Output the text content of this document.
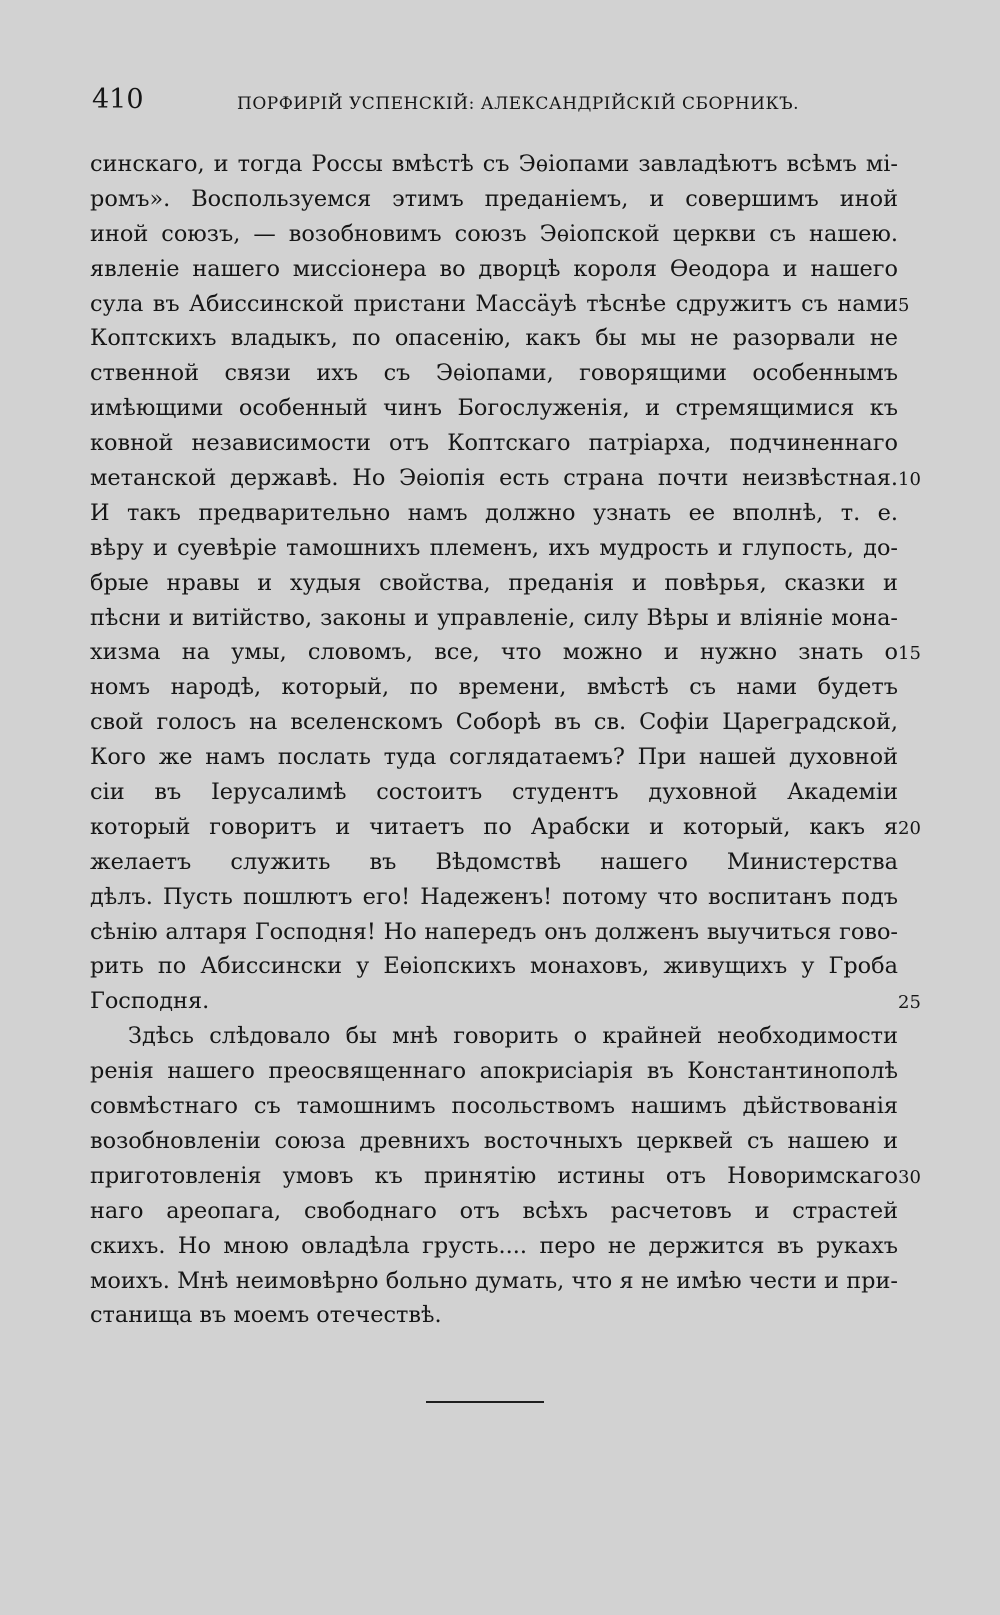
410	ПОРФИРІЙ УСПЕНСКІЙ: АЛЕКСАНДРІЙСКІЙ СБОРНИКЪ.
синскаго, и тогда Россы вмѣстѣ съ Эѳіопами завладѣютъ всѣмъ мі-
ромъ». Воспользуемся этимъ преданіемъ, и совершимъ иной
иной союзъ, — возобновимъ союзъ Эѳіопской церкви съ нашею.
явленіе нашего миссіонера во дворцѣ короля Ѳеодора и нашего
сула въ Абиссинской пристани Массäуѣ тѣснѣе сдружитъ съ нами 5
Коптскихъ владыкъ, по опасенію, какъ бы мы не разорвали не
ственной связи ихъ съ Эѳіопами, говорящими особеннымъ
имѣющими особенный чинъ Богослуженія, и стремящимися къ
ковной независимости отъ Коптскаго патріарха, подчиненнаго
метанской державѣ. Но Эѳіопія есть страна почти неизвѣстная. 10
И такъ предварительно намъ должно узнать ее вполнѣ, т. е.
вѣру и суевѣріе тамошнихъ племенъ, ихъ мудрость и глупость, до-
брые нравы и худыя свойства, преданія и повѣрья, сказки и
пѣсни и витійство, законы и управленіе, силу Вѣры и вліяніе мона-
хизма на умы, словомъ, все, что можно и нужно знать о 15
номъ народѣ, который, по времени, вмѣстѣ съ нами будетъ
свой голосъ на вселенскомъ Соборѣ въ св. Софіи Цареградской,
Кого же намъ послать туда соглядатаемъ? При нашей духовной
сіи въ Іерусалимѣ состоитъ студентъ духовной Академіи
который говоритъ и читаетъ по Арабски и который, какъ я 20
желаетъ служить въ Вѣдомствѣ нашего Министерства
дѣлъ. Пусть пошлютъ его! Надеженъ! потому что воспитанъ подъ
сѣнію алтаря Господня! Но напередъ онъ долженъ выучиться гово-
рить по Абиссински у Еѳіопскихъ монаховъ, живущихъ у Гроба
Господня.	25
Здѣсь слѣдовало бы мнѣ говорить о крайней необходимости
ренія нашего преосвященнаго апокрисіарія въ Константинополѣ
совмѣстнаго съ тамошнимъ посольствомъ нашимъ дѣйствованія
возобновленіи союза древнихъ восточныхъ церквей съ нашею и
приготовленія умовъ къ принятію истины отъ Новоримскаго 30
наго ареопага, свободнаго отъ всѣхъ расчетовъ и страстей
скихъ. Но мною овладѣла грусть.... перо не держится въ рукахъ
моихъ. Мнѣ неимовѣрно больно думать, что я не имѣю чести и при-
станища въ моемъ отечествѣ.
